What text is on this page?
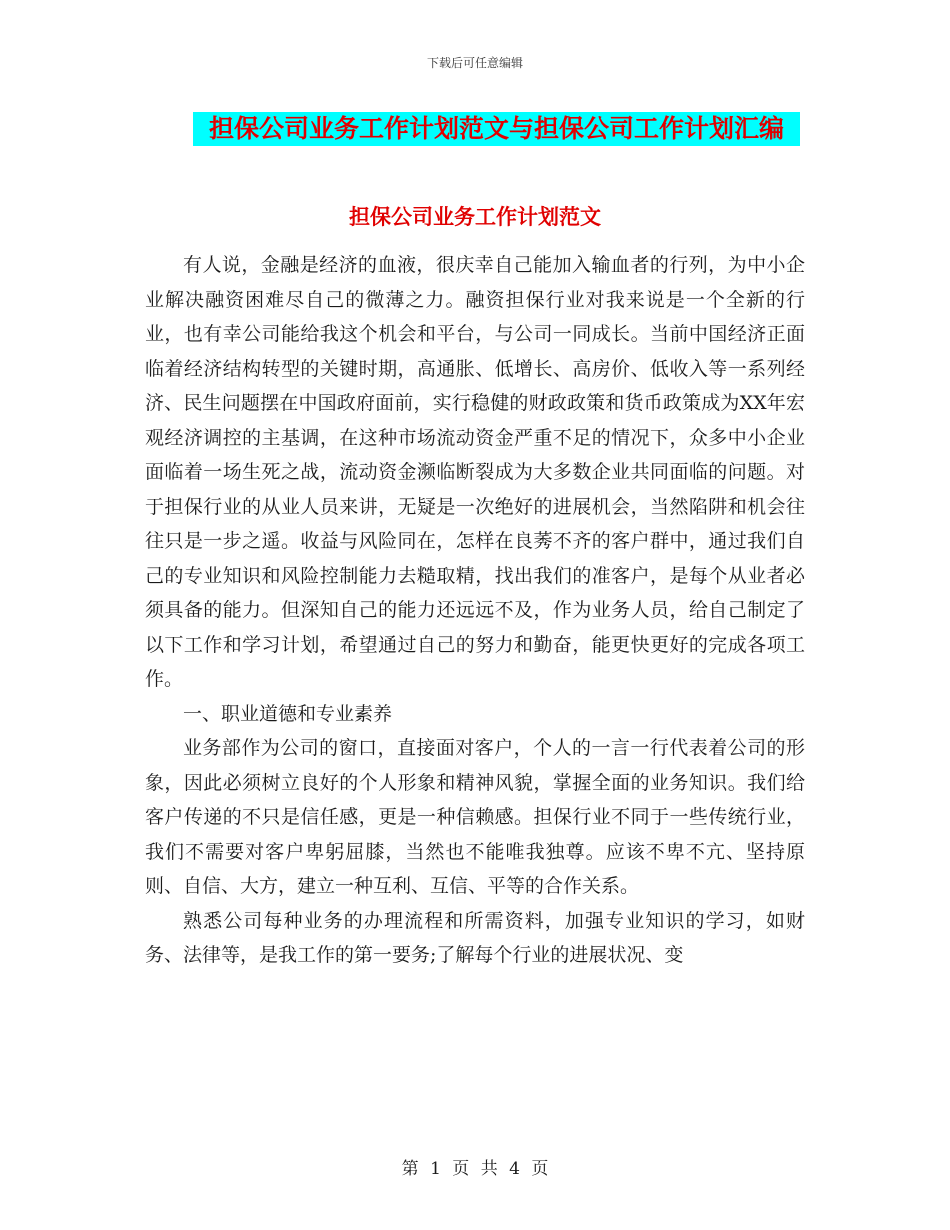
下载后可任意编辑
担保公司业务工作计划范文与担保公司工作计划汇编
担保公司业务工作计划范文

有人说，金融是经济的血液，很庆幸自己能加入输血者的行列，为中小企业解决融资困难尽自己的微薄之力。融资担保行业对我来说是一个全新的行业，也有幸公司能给我这个机会和平台，与公司一同成长。当前中国经济正面临着经济结构转型的关键时期，高通胀、低增长、高房价、低收入等一系列经济、民生问题摆在中国政府面前，实行稳健的财政政策和货币政策成为XX年宏观经济调控的主基调，在这种市场流动资金严重不足的情况下，众多中小企业面临着一场生死之战，流动资金濒临断裂成为大多数企业共同面临的问题。对于担保行业的从业人员来讲，无疑是一次绝好的进展机会，当然陷阱和机会往往只是一步之遥。收益与风险同在，怎样在良莠不齐的客户群中，通过我们自己的专业知识和风险控制能力去糙取精，找出我们的准客户，是每个从业者必须具备的能力。但深知自己的能力还远远不及，作为业务人员，给自己制定了以下工作和学习计划，希望通过自己的努力和勤奋，能更快更好的完成各项工作。

一、职业道德和专业素养

业务部作为公司的窗口，直接面对客户，个人的一言一行代表着公司的形象，因此必须树立良好的个人形象和精神风貌，掌握全面的业务知识。我们给客户传递的不只是信任感，更是一种信赖感。担保行业不同于一些传统行业，我们不需要对客户卑躬屈膝，当然也不能唯我独尊。应该不卑不亢、坚持原则、自信、大方，建立一种互利、互信、平等的合作关系。

熟悉公司每种业务的办理流程和所需资料，加强专业知识的学习，如财务、法律等，是我工作的第一要务;了解每个行业的进展状况、变

第 1 页 共 4 页
